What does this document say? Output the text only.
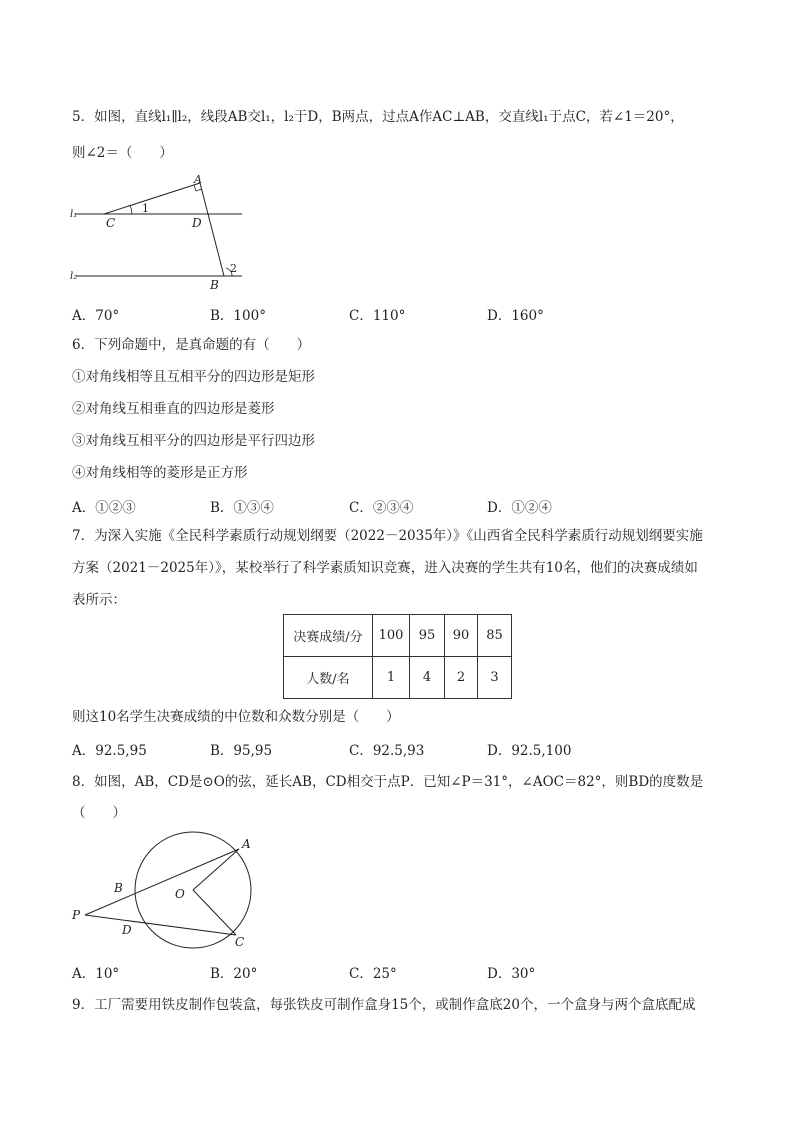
5．如图，直线l₁∥l₂，线段AB交l₁，l₂于D，B两点，过点A作AC⊥AB，交直线l₁于点C，若∠1＝20°，
则∠2＝（　　）
A
C	D
B
1
2
l₁
l₂
A．70°	B．100°	C．110°	D．160°
6．下列命题中，是真命题的有（　　）
①对角线相等且互相平分的四边形是矩形
②对角线互相垂直的四边形是菱形
③对角线互相平分的四边形是平行四边形
④对角线相等的菱形是正方形
A．①②③	B．①③④	C．②③④	D．①②④
7．为深入实施《全民科学素质行动规划纲要（2022－2035年）》《山西省全民科学素质行动规划纲要实施
方案（2021－2025年）》，某校举行了科学素质知识竞赛，进入决赛的学生共有10名，他们的决赛成绩如
表所示：
决赛成绩/分	100	95	90	85
人数/名	1	4	2	3
则这10名学生决赛成绩的中位数和众数分别是（　　）
A．92.5,95	B．95,95	C．92.5,93	D．92.5,100
8．如图，AB，CD是⊙O的弦，延长AB，CD相交于点P．已知∠P＝31°，∠AOC＝82°，则BD的度数是
（　　）
A
B	O
P
D
C
A．10°	B．20°	C．25°	D．30°
9．工厂需要用铁皮制作包装盒，每张铁皮可制作盒身15个，或制作盒底20个，一个盒身与两个盒底配成
